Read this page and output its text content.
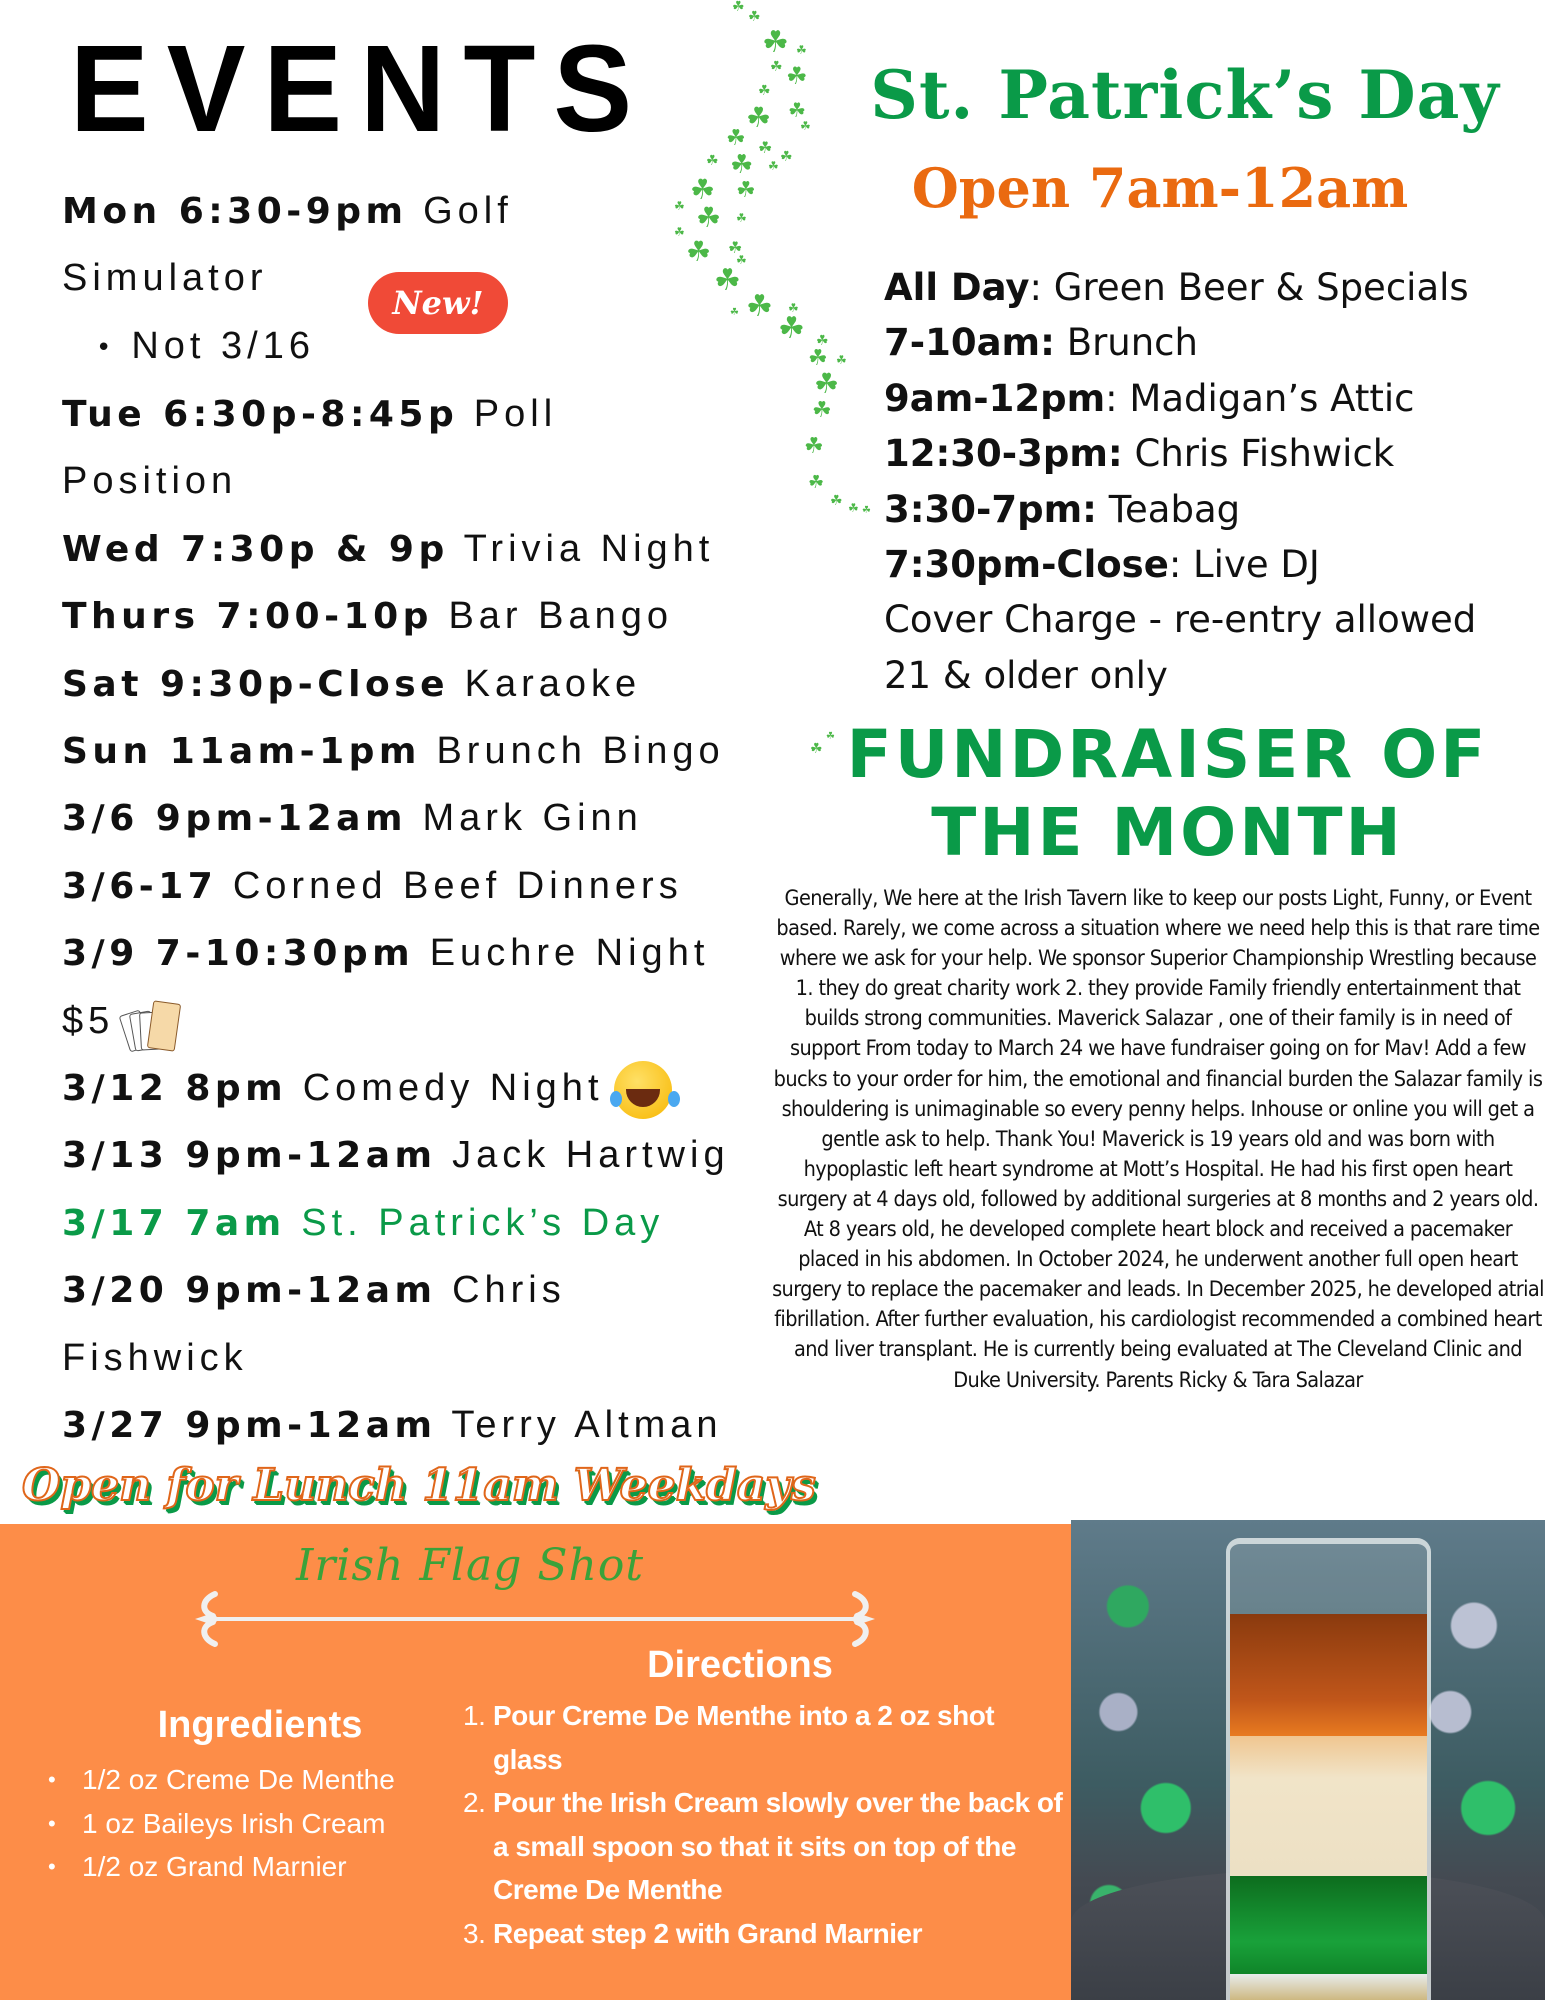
EVENTS
Mon 6:30-9pm Golf
Simulator
• Not 3/16
Tue 6:30p-8:45p Poll
Position
Wed 7:30p & 9p Trivia Night
Thurs 7:00-10p Bar Bango
Sat 9:30p-Close Karaoke
Sun 11am-1pm Brunch Bingo
3/6 9pm-12am Mark Ginn
3/6-17 Corned Beef Dinners
3/9 7-10:30pm Euchre Night
$5
3/12 8pm Comedy Night
3/13 9pm-12am Jack Hartwig
3/17 7am St. Patrick’s Day
3/20 9pm-12am Chris
Fishwick
3/27 9pm-12am Terry Altman
New!
Open for Lunch 11am Weekdays
☘
☘
☘ ☘
☘ ☘
☘
☘
☘ ☘
☘ ☘ ☘
☘
☘	☘
☘ ☘
☘ ☘ ☘
☘
☘ ☘
☘
☘
☘
☘	☘
☘ ☘
☘ ☘
☘
☘
☘
☘
☘ ☘ ☘
☘
☘
St. Patrick’s Day
Open 7am-12am
All Day: Green Beer & Specials
7-10am: Brunch
9am-12pm: Madigan’s Attic
12:30-3pm: Chris Fishwick
3:30-7pm: Teabag
7:30pm-Close: Live DJ
Cover Charge - re-entry allowed
21 & older only
FUNDRAISER OF
THE MONTH
Generally, We here at the Irish Tavern like to keep our posts Light, Funny, or Event based. Rarely, we come across a situation where we need help this is that rare time where we ask for your help. We sponsor Superior Championship Wrestling because 1. they do great charity work 2. they provide Family friendly entertainment that builds strong communities. Maverick Salazar , one of their family is in need of support From today to March 24 we have fundraiser going on for Mav! Add a few bucks to your order for him, the emotional and financial burden the Salazar family is shouldering is unimaginable so every penny helps. Inhouse or online you will get a gentle ask to help. Thank You! Maverick is 19 years old and was born with hypoplastic left heart syndrome at Mott’s Hospital. He had his first open heart surgery at 4 days old, followed by additional surgeries at 8 months and 2 years old. At 8 years old, he developed complete heart block and received a pacemaker placed in his abdomen. In October 2024, he underwent another full open heart surgery to replace the pacemaker and leads. In December 2025, he developed atrial fibrillation. After further evaluation, his cardiologist recommended a combined heart and liver transplant. He is currently being evaluated at The Cleveland Clinic and Duke University. Parents Ricky & Tara Salazar
Irish Flag Shot
Ingredients
• 1/2 oz Creme De Menthe
• 1 oz Baileys Irish Cream
• 1/2 oz Grand Marnier
Directions
1. Pour Creme De Menthe into a 2 oz shot glass
2. Pour the Irish Cream slowly over the back of a small spoon so that it sits on top of the Creme De Menthe
3. Repeat step 2 with Grand Marnier
